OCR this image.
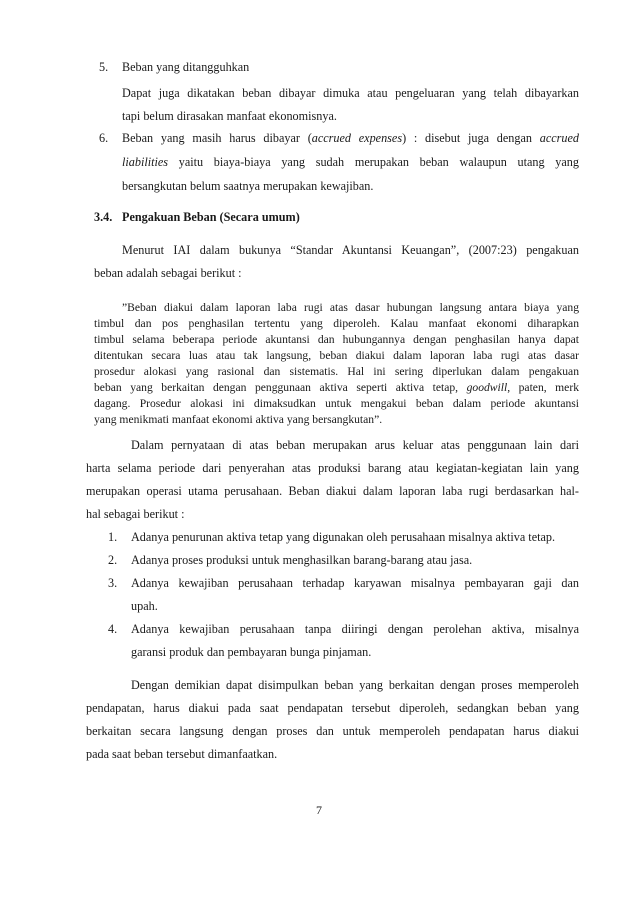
5. Beban yang ditangguhkan
Dapat juga dikatakan beban dibayar dimuka atau pengeluaran yang telah dibayarkan
tapi belum dirasakan manfaat ekonomisnya.
6. Beban yang masih harus dibayar (accrued expenses) : disebut juga dengan accrued
liabilities yaitu biaya-biaya yang sudah merupakan beban walaupun utang yang
bersangkutan belum saatnya merupakan kewajiban.
3.4. Pengakuan Beban (Secara umum)
Menurut IAI dalam bukunya “Standar Akuntansi Keuangan”, (2007:23) pengakuan
beban adalah sebagai berikut :
”Beban diakui dalam laporan laba rugi atas dasar hubungan langsung antara biaya yang
timbul dan pos penghasilan tertentu yang diperoleh. Kalau manfaat ekonomi diharapkan
timbul selama beberapa periode akuntansi dan hubungannya dengan penghasilan hanya dapat
ditentukan secara luas atau tak langsung, beban diakui dalam laporan laba rugi atas dasar
prosedur alokasi yang rasional dan sistematis. Hal ini sering diperlukan dalam pengakuan
beban yang berkaitan dengan penggunaan aktiva seperti aktiva tetap, goodwill, paten, merk
dagang. Prosedur alokasi ini dimaksudkan untuk mengakui beban dalam periode akuntansi
yang menikmati manfaat ekonomi aktiva yang bersangkutan”.
Dalam pernyataan di atas beban merupakan arus keluar atas penggunaan lain dari
harta selama periode dari penyerahan atas produksi barang atau kegiatan-kegiatan lain yang
merupakan operasi utama perusahaan. Beban diakui dalam laporan laba rugi berdasarkan hal-
hal sebagai berikut :
1. Adanya penurunan aktiva tetap yang digunakan oleh perusahaan misalnya aktiva tetap.
2. Adanya proses produksi untuk menghasilkan barang-barang atau jasa.
3. Adanya kewajiban perusahaan terhadap karyawan misalnya pembayaran gaji dan
upah.
4. Adanya kewajiban perusahaan tanpa diiringi dengan perolehan aktiva, misalnya
garansi produk dan pembayaran bunga pinjaman.
Dengan demikian dapat disimpulkan beban yang berkaitan dengan proses memperoleh
pendapatan, harus diakui pada saat pendapatan tersebut diperoleh, sedangkan beban yang
berkaitan secara langsung dengan proses dan untuk memperoleh pendapatan harus diakui
pada saat beban tersebut dimanfaatkan.
7
